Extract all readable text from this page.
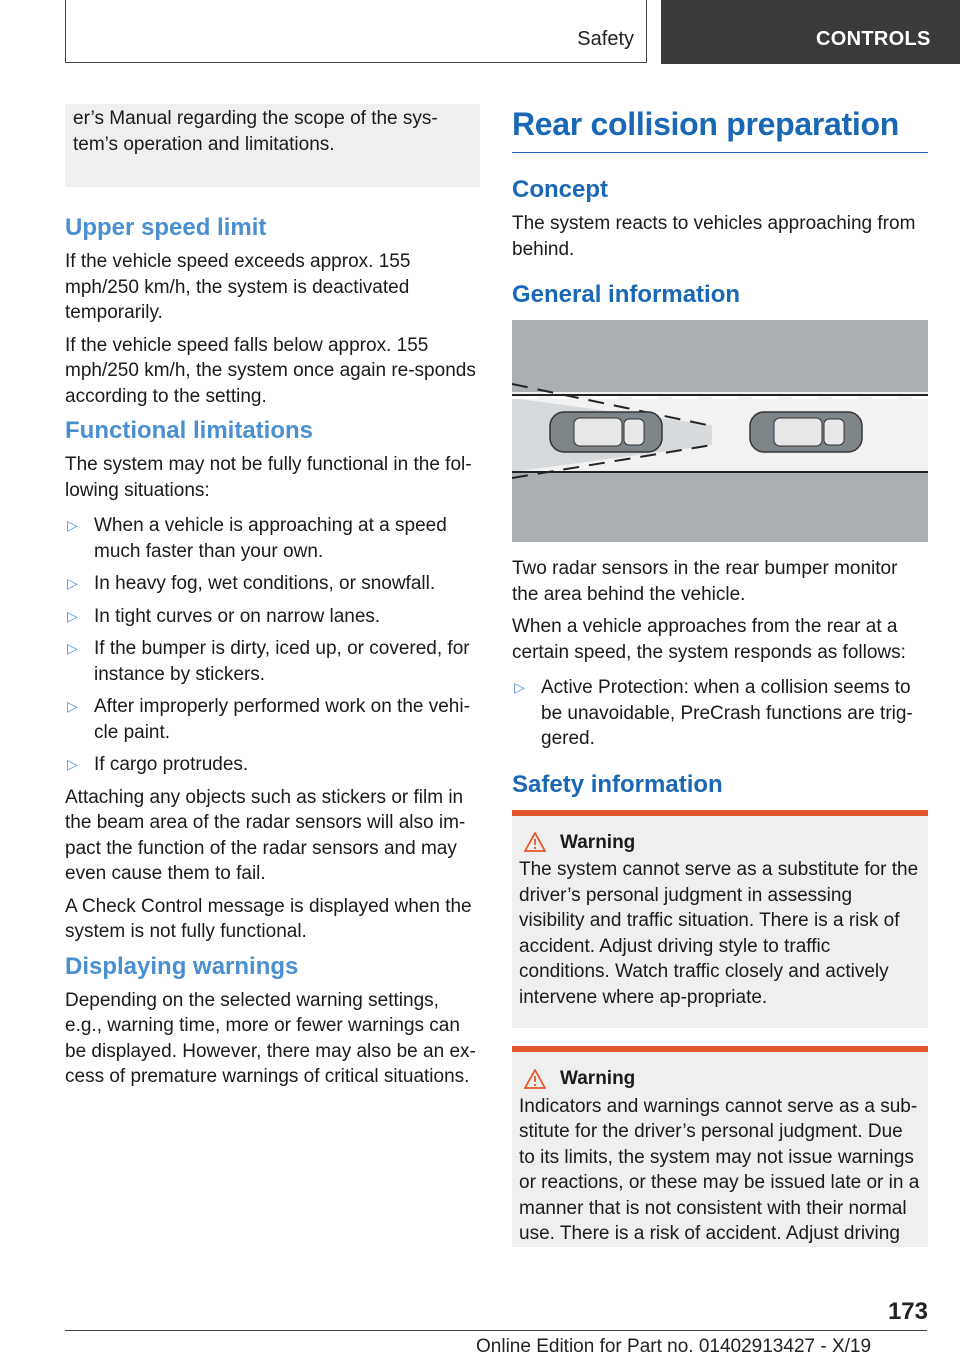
Safety	CONTROLS

er’s Manual regarding the scope of the sys‐tem’s operation and limitations.

Upper speed limit

If the vehicle speed exceeds approx. 155 mph/250 km/h, the system is deactivated temporarily.

If the vehicle speed falls below approx. 155 mph/250 km/h, the system once again re‐sponds according to the setting.

Functional limitations

The system may not be fully functional in the fol‐lowing situations:

▷ When a vehicle is approaching at a speed much faster than your own.
▷ In heavy fog, wet conditions, or snowfall.
▷ In tight curves or on narrow lanes.
▷ If the bumper is dirty, iced up, or covered, for instance by stickers.
▷ After improperly performed work on the vehi‐cle paint.
▷ If cargo protrudes.

Attaching any objects such as stickers or film in the beam area of the radar sensors will also im‐pact the function of the radar sensors and may even cause them to fail.

A Check Control message is displayed when the system is not fully functional.

Displaying warnings

Depending on the selected warning settings, e.g., warning time, more or fewer warnings can be displayed. However, there may also be an ex‐cess of premature warnings of critical situations.

Rear collision preparation
Concept

The system reacts to vehicles approaching from behind.

General information

Two radar sensors in the rear bumper monitor the area behind the vehicle.

When a vehicle approaches from the rear at a certain speed, the system responds as follows:

▷ Active Protection: when a collision seems to be unavoidable, PreCrash functions are trig‐gered.
Safety information
Warning

The system cannot serve as a substitute for the driver’s personal judgment in assessing visibility and traffic situation. There is a risk of accident. Adjust driving style to traffic conditions. Watch traffic closely and actively intervene where ap‐propriate.

Warning

Indicators and warnings cannot serve as a sub‐stitute for the driver’s personal judgment. Due to its limits, the system may not issue warnings or reactions, or these may be issued late or in a manner that is not consistent with their normal use. There is a risk of accident. Adjust driving

173
Online Edition for Part no. 01402913427 - X/19
